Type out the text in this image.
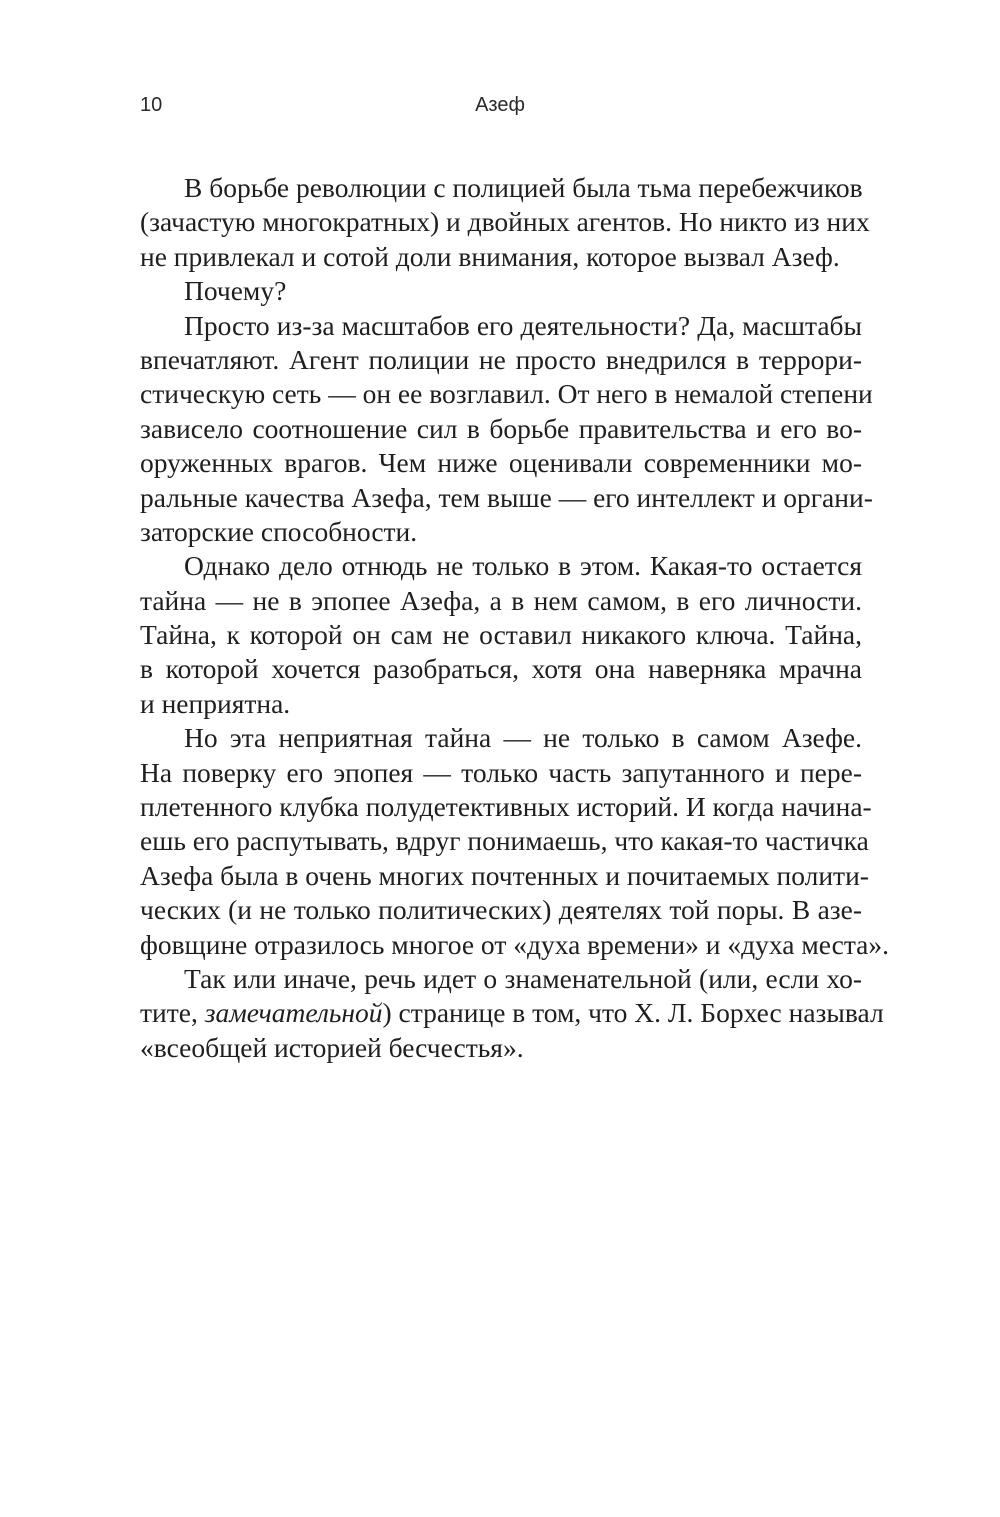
10	Азеф
В борьбе революции с полицией была тьма перебежчиков
(зачастую многократных) и двойных агентов. Но никто из них
не привлекал и сотой доли внимания, которое вызвал Азеф.
Почему?
Просто из-за масштабов его деятельности? Да, масштабы
впечатляют. Агент полиции не просто внедрился в террори-
стическую сеть — он ее возглавил. От него в немалой степени
зависело соотношение сил в борьбе правительства и его во-
оруженных врагов. Чем ниже оценивали современники мо-
ральные качества Азефа, тем выше — его интеллект и органи-
заторские способности.
Однако дело отнюдь не только в этом. Какая-то остается
тайна — не в эпопее Азефа, а в нем самом, в его личности.
Тайна, к которой он сам не оставил никакого ключа. Тайна,
в которой хочется разобраться, хотя она наверняка мрачна
и неприятна.
Но эта неприятная тайна — не только в самом Азефе.
На поверку его эпопея — только часть запутанного и пере-
плетенного клубка полудетективных историй. И когда начина-
ешь его распутывать, вдруг понимаешь, что какая-то частичка
Азефа была в очень многих почтенных и почитаемых полити-
ческих (и не только политических) деятелях той поры. В азе-
фовщине отразилось многое от «духа времени» и «духа места».
Так или иначе, речь идет о знаменательной (или, если хо-
тите, замечательной) странице в том, что Х. Л. Борхес называл
«всеобщей историей бесчестья».
